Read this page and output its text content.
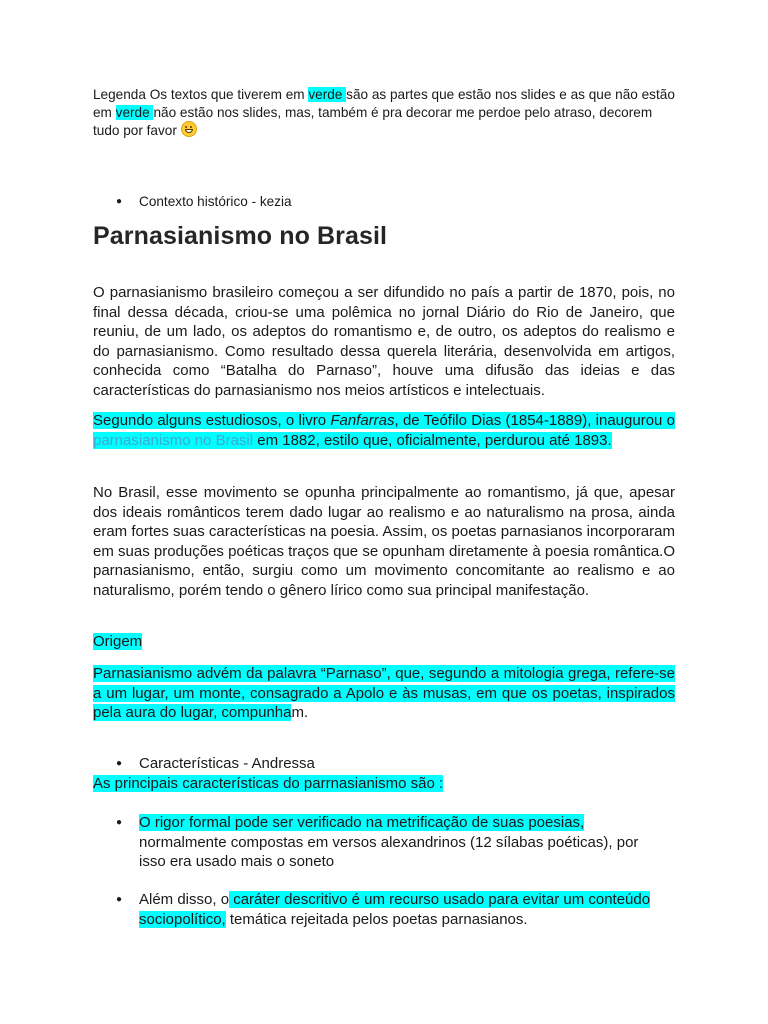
Legenda Os textos que tiverem em verde são as partes que estão nos slides e as que não estão em verde não estão nos slides, mas, também é pra decorar me perdoe pelo atraso, decorem tudo por favor
● Contexto histórico - kezia
Parnasianismo no Brasil

O parnasianismo brasileiro começou a ser difundido no país a partir de 1870, pois, no final dessa década, criou-se uma polêmica no jornal Diário do Rio de Janeiro, que reuniu, de um lado, os adeptos do romantismo e, de outro, os adeptos do realismo e do parnasianismo. Como resultado dessa querela literária, desenvolvida em artigos, conhecida como “Batalha do Parnaso”, houve uma difusão das ideias e das características do parnasianismo nos meios artísticos e intelectuais.

Segundo alguns estudiosos, o livro Fanfarras, de Teófilo Dias (1854-1889), inaugurou o parnasianismo no Brasil em 1882, estilo que, oficialmente, perdurou até 1893.

No Brasil, esse movimento se opunha principalmente ao romantismo, já que, apesar dos ideais românticos terem dado lugar ao realismo e ao naturalismo na prosa, ainda eram fortes suas características na poesia. Assim, os poetas parnasianos incorporaram em suas produções poéticas traços que se opunham diretamente à poesia romântica.O parnasianismo, então, surgiu como um movimento concomitante ao realismo e ao naturalismo, porém tendo o gênero lírico como sua principal manifestação.

Origem

Parnasianismo advém da palavra “Parnaso”, que, segundo a mitologia grega, refere-se a um lugar, um monte, consagrado a Apolo e às musas, em que os poetas, inspirados pela aura do lugar, compunham.

● Características - Andressa
As principais características do parrnasianismo são :
● O rigor formal pode ser verificado na metrificação de suas poesias, normalmente compostas em versos alexandrinos (12 sílabas poéticas), por isso era usado mais o soneto
● Além disso, o caráter descritivo é um recurso usado para evitar um conteúdo sociopolítico, temática rejeitada pelos poetas parnasianos.
